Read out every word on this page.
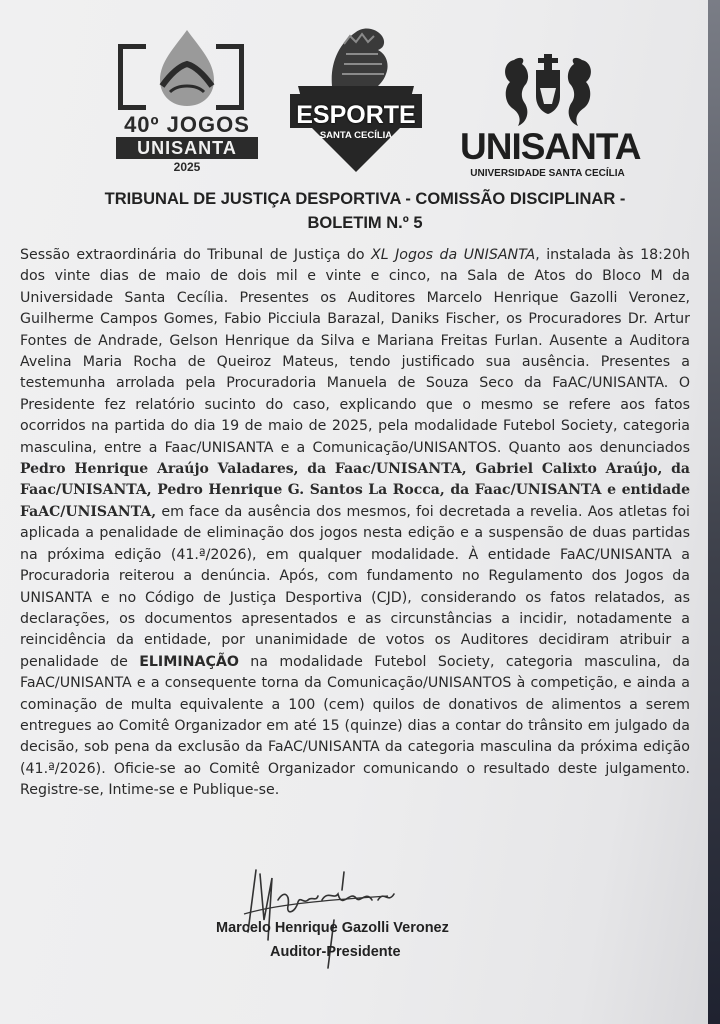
40º JOGOS
UNISANTA
2025
ESPORTE
SANTA CECÍLIA	UNISANTA
UNIVERSIDADE SANTA CECÍLIA
TRIBUNAL DE JUSTIÇA DESPORTIVA - COMISSÃO DISCIPLINAR -
BOLETIM N.º 5

Sessão extraordinária do Tribunal de Justiça do XL Jogos da UNISANTA, instalada às 18:20h dos vinte dias de maio de dois mil e vinte e cinco, na Sala de Atos do Bloco M da Universidade Santa Cecília. Presentes os Auditores Marcelo Henrique Gazolli Veronez, Guilherme Campos Gomes, Fabio Picciula Barazal, Daniks Fischer, os Procuradores Dr. Artur Fontes de Andrade, Gelson Henrique da Silva e Mariana Freitas Furlan. Ausente a Auditora Avelina Maria Rocha de Queiroz Mateus, tendo justificado sua ausência. Presentes a testemunha arrolada pela Procuradoria Manuela de Souza Seco da FaAC/UNISANTA. O Presidente fez relatório sucinto do caso, explicando que o mesmo se refere aos fatos ocorridos na partida do dia 19 de maio de 2025, pela modalidade Futebol Society, categoria masculina, entre a Faac/UNISANTA e a Comunicação/UNISANTOS. Quanto aos denunciados Pedro Henrique Araújo Valadares, da Faac/UNISANTA, Gabriel Calixto Araújo, da Faac/UNISANTA, Pedro Henrique G. Santos La Rocca, da Faac/UNISANTA e entidade FaAC/UNISANTA, em face da ausência dos mesmos, foi decretada a revelia. Aos atletas foi aplicada a penalidade de eliminação dos jogos nesta edição e a suspensão de duas partidas na próxima edição (41.ª/2026), em qualquer modalidade. À entidade FaAC/UNISANTA a Procuradoria reiterou a denúncia. Após, com fundamento no Regulamento dos Jogos da UNISANTA e no Código de Justiça Desportiva (CJD), considerando os fatos relatados, as declarações, os documentos apresentados e as circunstâncias a incidir, notadamente a reincidência da entidade, por unanimidade de votos os Auditores decidiram atribuir a penalidade de ELIMINAÇÃO na modalidade Futebol Society, categoria masculina, da FaAC/UNISANTA e a consequente torna da Comunicação/UNISANTOS à competição, e ainda a cominação de multa equivalente a 100 (cem) quilos de donativos de alimentos a serem entregues ao Comitê Organizador em até 15 (quinze) dias a contar do trânsito em julgado da decisão, sob pena da exclusão da FaAC/UNISANTA da categoria masculina da próxima edição (41.ª/2026). Oficie-se ao Comitê Organizador comunicando o resultado deste julgamento. Registre-se, Intime-se e Publique-se.

Marcelo Henrique Gazolli Veronez
Auditor-Presidente
